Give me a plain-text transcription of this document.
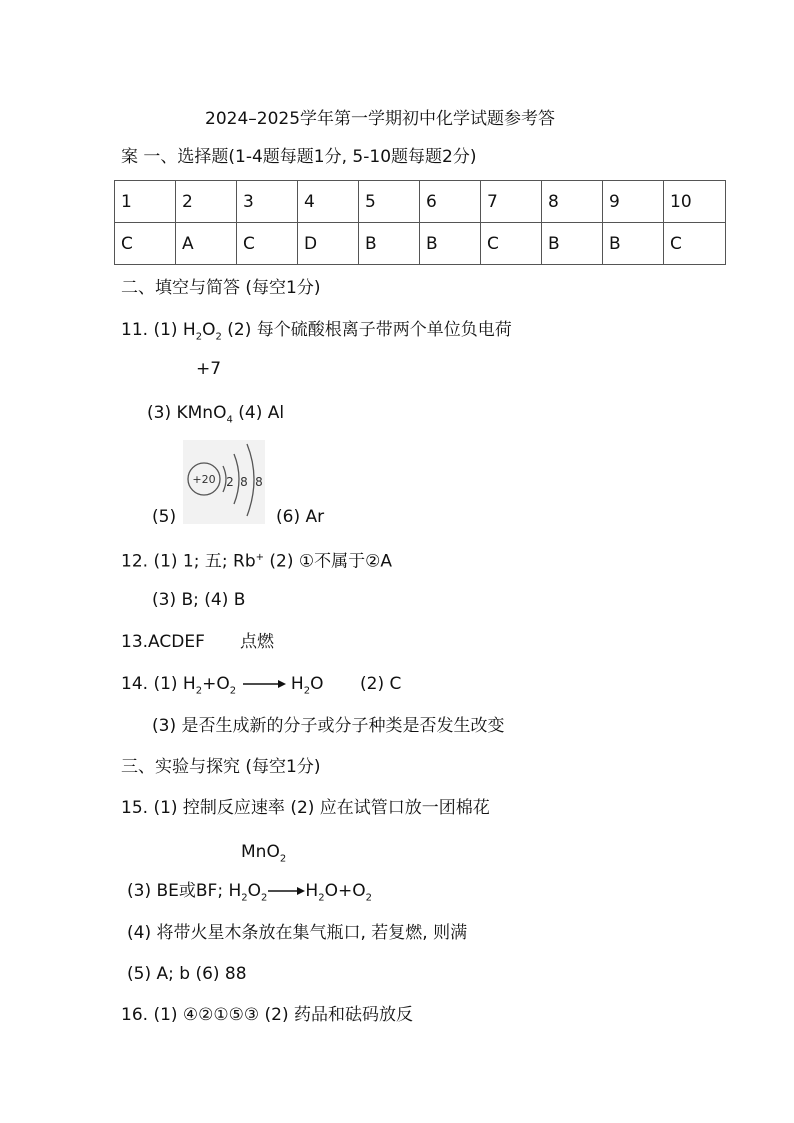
2024–2025学年第一学期初中化学试题参考答
案 一、选择题(1-4题每题1分, 5-10题每题2分)
1	2	3	4	5	6	7	8	9	10
C	A	C	D	B	B	C	B	B	C
二、填空与简答 (每空1分)
11. (1) $H_2O_2$ (2) 每个硫酸根离子带两个单位负电荷
+7
(3) KMnO$_4$ (4) Al
+20 2 8 8
(5)	(6) Ar
12. (1) 1; 五; Rb+ (2) ①不属于②A
(3) B; (4) B
13.ACDEF 点燃
14. (1) $H_2+O_2 \to H_2O$ (2) C
(3) 是否生成新的分子或分子种类是否发生改变
三、实验与探究 (每空1分)
15. (1) 控制反应速率 (2) 应在试管口放一团棉花
MnO$_2$
(3) BE或BF; $H_2O_2 \to H_2O+O_2$
(4) 将带火星木条放在集气瓶口, 若复燃, 则满
(5) A; b (6) 88
16. (1) ④②①⑤③ (2) 药品和砝码放反
